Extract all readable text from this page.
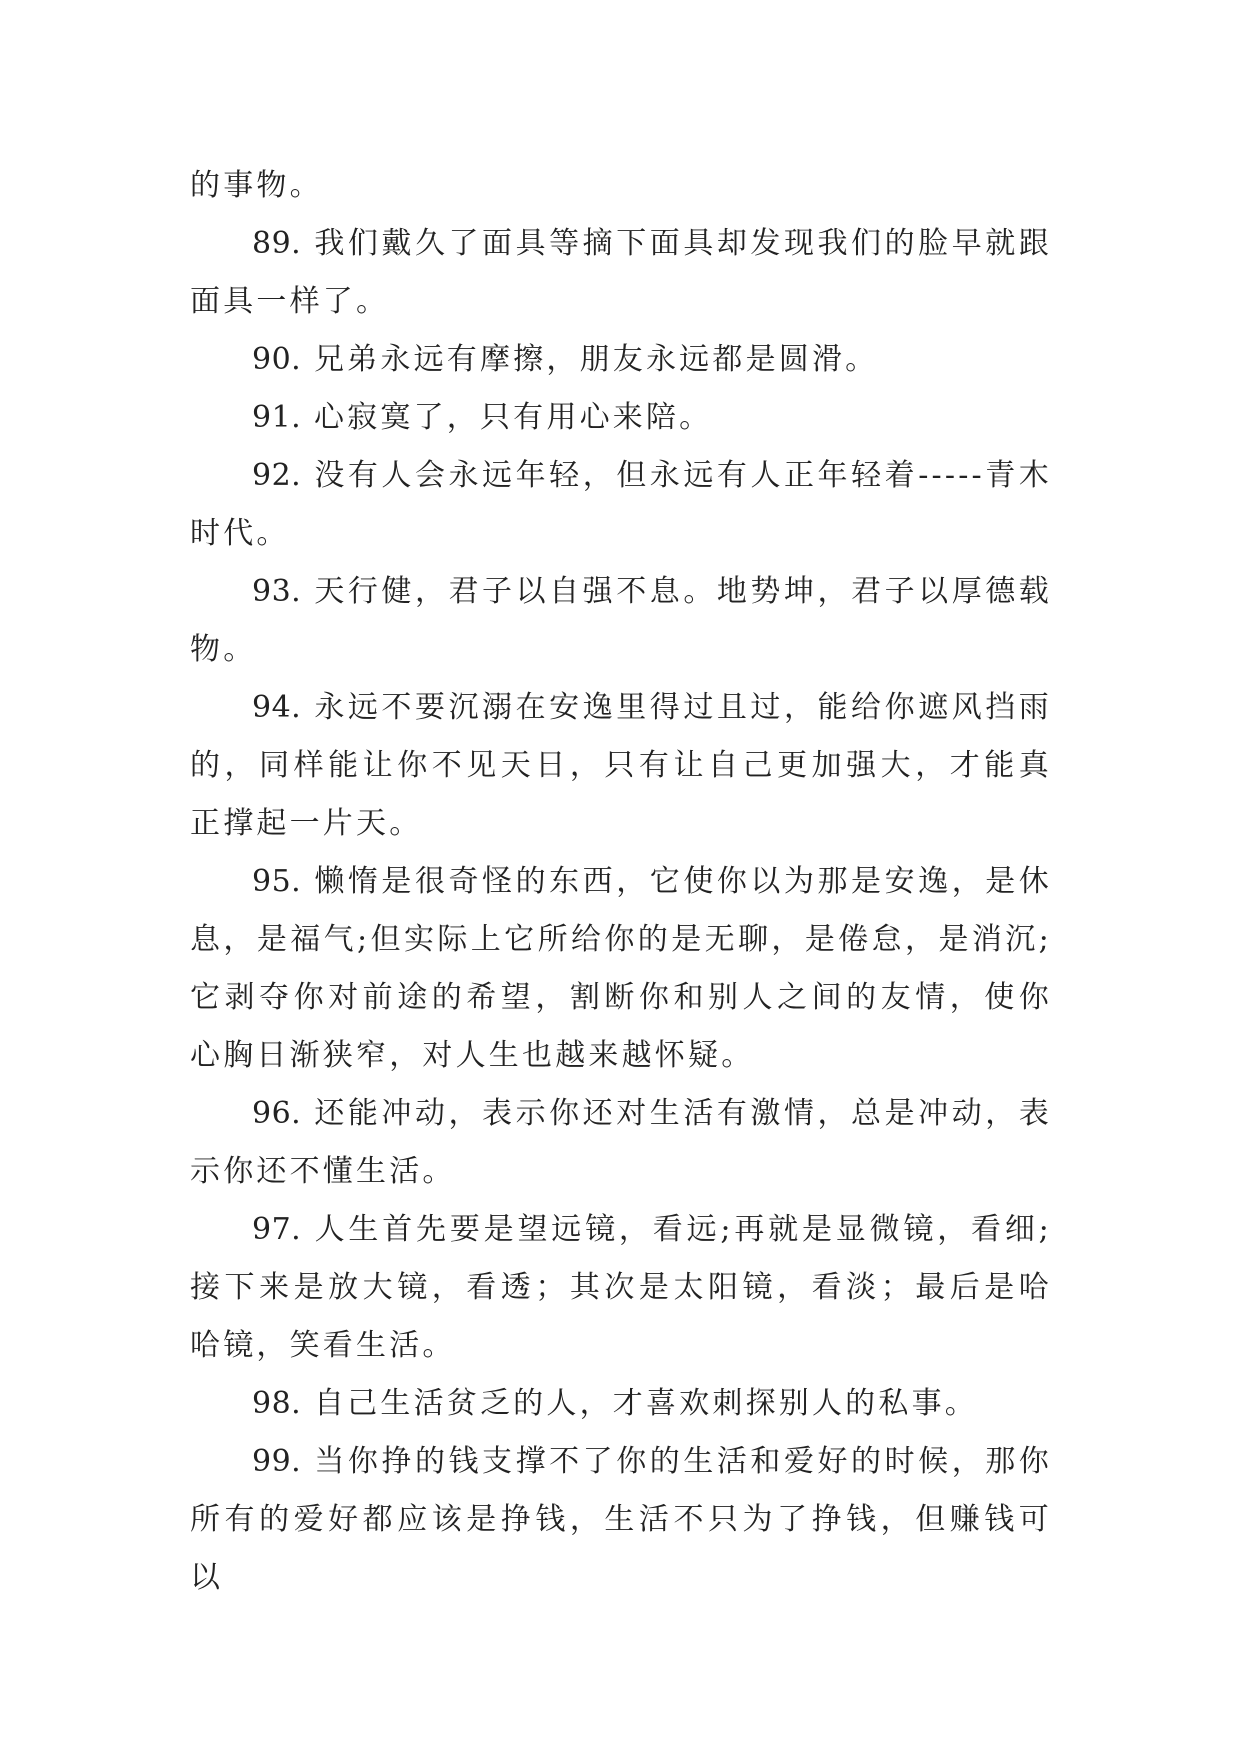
的事物。

89. 我们戴久了面具等摘下面具却发现我们的脸早就跟面具一样了。

90. 兄弟永远有摩擦，朋友永远都是圆滑。

91. 心寂寞了，只有用心来陪。

92. 没有人会永远年轻，但永远有人正年轻着-----青木时代。

93. 天行健，君子以自强不息。地势坤，君子以厚德载物。

94. 永远不要沉溺在安逸里得过且过，能给你遮风挡雨的，同样能让你不见天日，只有让自己更加强大，才能真正撑起一片天。

95. 懒惰是很奇怪的东西，它使你以为那是安逸，是休息，是福气;但实际上它所给你的是无聊，是倦怠，是消沉;它剥夺你对前途的希望，割断你和别人之间的友情，使你心胸日渐狭窄，对人生也越来越怀疑。

96. 还能冲动，表示你还对生活有激情，总是冲动，表示你还不懂生活。

97. 人生首先要是望远镜，看远;再就是显微镜，看细;接下来是放大镜，看透；其次是太阳镜，看淡；最后是哈哈镜，笑看生活。

98. 自己生活贫乏的人，才喜欢刺探别人的私事。

99. 当你挣的钱支撑不了你的生活和爱好的时候，那你所有的爱好都应该是挣钱，生活不只为了挣钱，但赚钱可以
